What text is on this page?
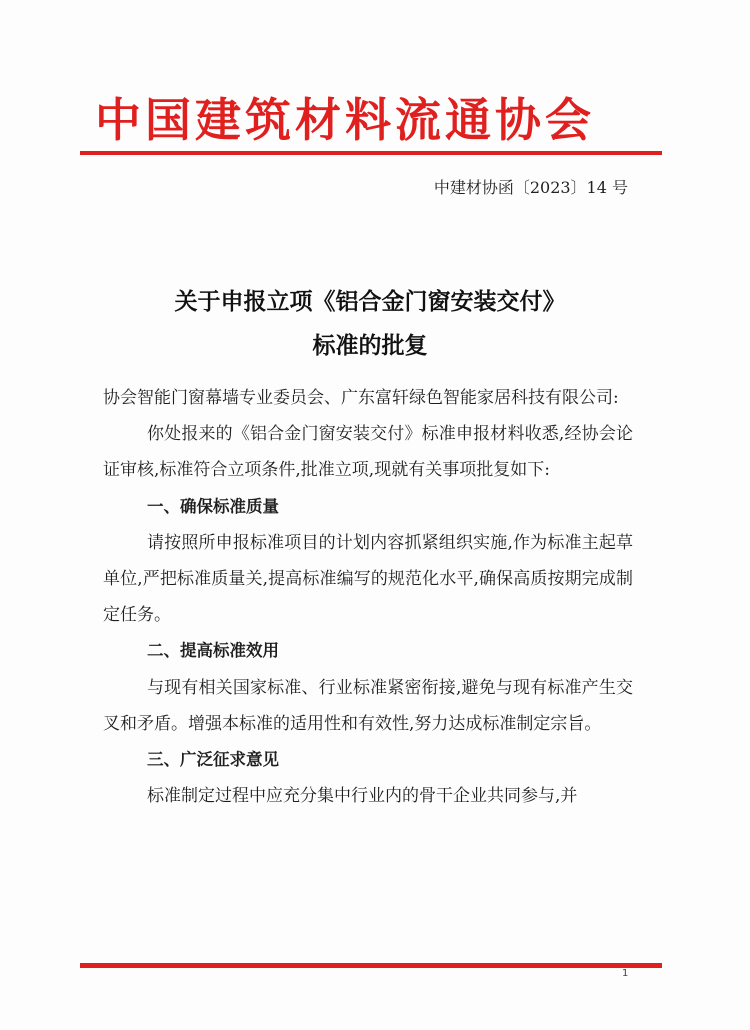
中国建筑材料流通协会
中建材协函〔2023〕14 号
关于申报立项《铝合金门窗安装交付》
标准的批复
协会智能门窗幕墙专业委员会、广东富轩绿色智能家居科技有限公司:
你处报来的《铝合金门窗安装交付》标准申报材料收悉,经协会论证审核,标准符合立项条件,批准立项,现就有关事项批复如下:
一、确保标准质量
请按照所申报标准项目的计划内容抓紧组织实施,作为标准主起草单位,严把标准质量关,提高标准编写的规范化水平,确保高质按期完成制定任务。
二、提高标准效用
与现有相关国家标准、行业标准紧密衔接,避免与现有标准产生交叉和矛盾。增强本标准的适用性和有效性,努力达成标准制定宗旨。
三、广泛征求意见
标准制定过程中应充分集中行业内的骨干企业共同参与,并
1
